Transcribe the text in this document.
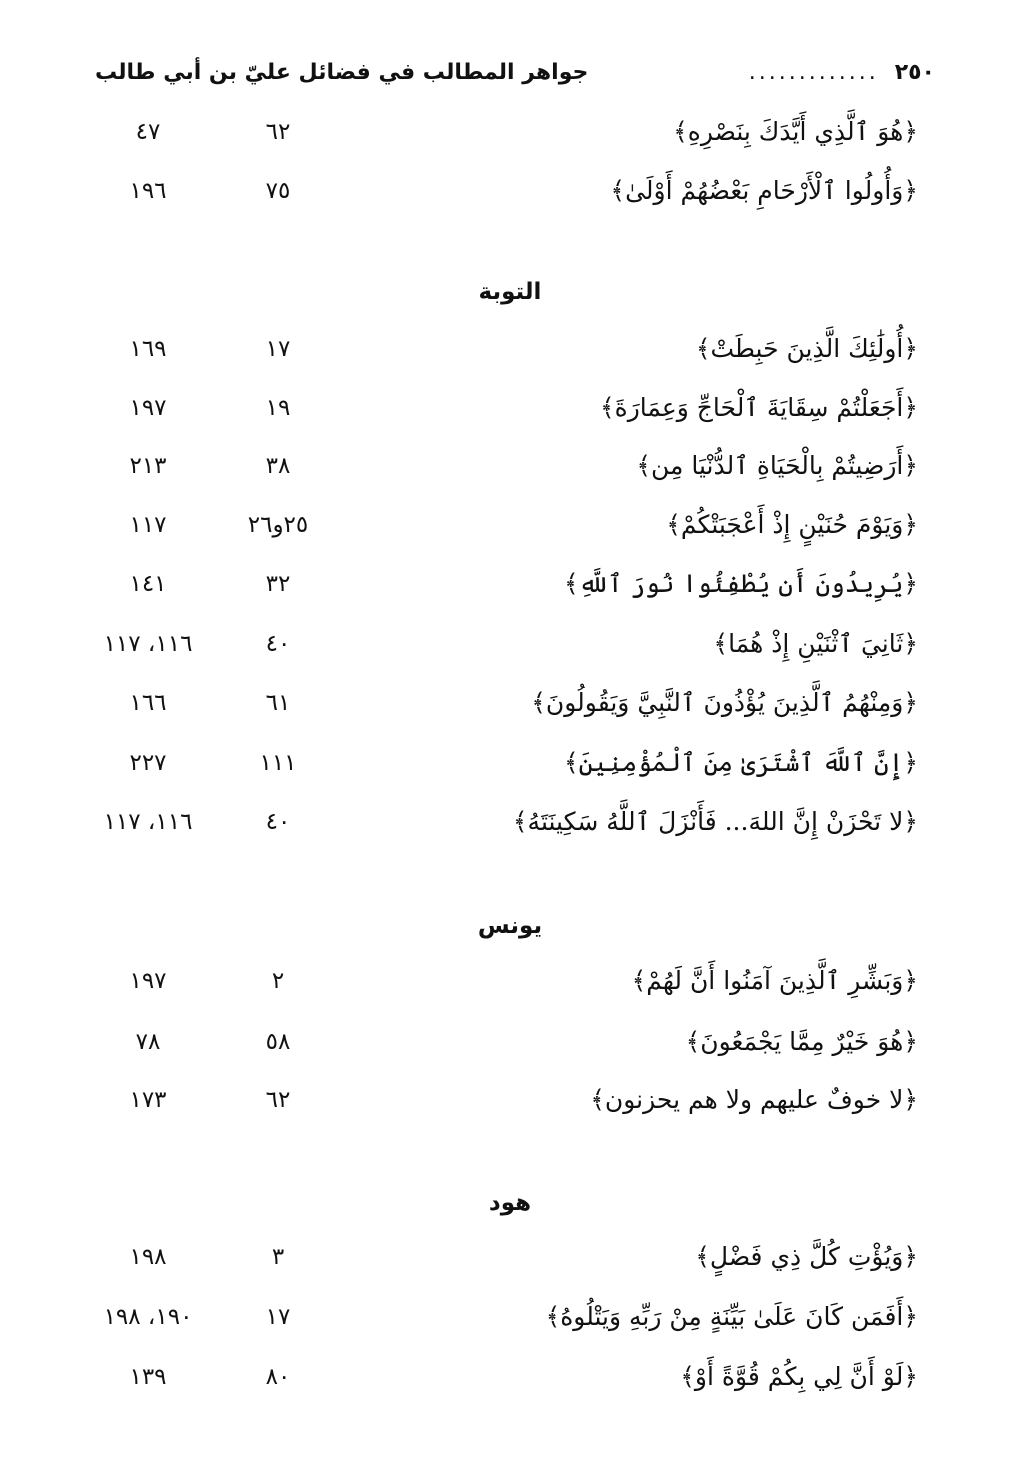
٢٥٠
.............
جواهر المطالب في فضائل عليّ بن أبي طالب
﴿هُوَ ٱلَّذِي أَيَّدَكَ بِنَصْرِهِ﴾
٦٢
٤٧
﴿وَأُولُوا ٱلْأَرْحَامِ بَعْضُهُمْ أَوْلَىٰ﴾
٧٥
١٩٦
التوبة
﴿أُولَٰئِكَ الَّذِينَ حَبِطَتْ﴾
١٧
١٦٩
﴿أَجَعَلْتُمْ سِقَايَةَ ٱلْحَاجِّ وَعِمَارَةَ﴾
١٩
١٩٧
﴿أَرَضِيتُمْ بِالْحَيَاةِ ٱلدُّنْيَا مِن﴾
٣٨
٢١٣
﴿وَيَوْمَ حُنَيْنٍ إِذْ أَعْجَبَتْكُمْ﴾
٢٥و٢٦
١١٧
﴿يُرِيدُونَ أَن يُطْفِئُوا نُورَ ٱللَّهِ﴾
٣٢
١٤١
﴿ثَانِيَ ٱثْنَيْنِ إِذْ هُمَا﴾
٤٠
١١٦، ١١٧
﴿وَمِنْهُمُ ٱلَّذِينَ يُؤْذُونَ ٱلنَّبِيَّ وَيَقُولُونَ﴾
٦١
١٦٦
﴿إِنَّ ٱللَّهَ ٱشْتَرَىٰ مِنَ ٱلْمُؤْمِنِينَ﴾
١١١
٢٢٧
﴿لا تَحْزَنْ إِنَّ اللهَ... فَأَنْزَلَ ٱللَّهُ سَكِينَتَهُ﴾
٤٠
١١٦، ١١٧
يونس
﴿وَبَشِّرِ ٱلَّذِينَ آمَنُوا أَنَّ لَهُمْ﴾
٢
١٩٧
﴿هُوَ خَيْرٌ مِمَّا يَجْمَعُونَ﴾
٥٨
٧٨
﴿لا خوفٌ عليهم ولا هم يحزنون﴾
٦٢
١٧٣
هود
﴿وَيُؤْتِ كُلَّ ذِي فَضْلٍ﴾
٣
١٩٨
﴿أَفَمَن كَانَ عَلَىٰ بَيِّنَةٍ مِنْ رَبِّهِ وَيَتْلُوهُ﴾
١٧
١٩٠، ١٩٨
﴿لَوْ أَنَّ لِي بِكُمْ قُوَّةً أَوْ﴾
٨٠
١٣٩
